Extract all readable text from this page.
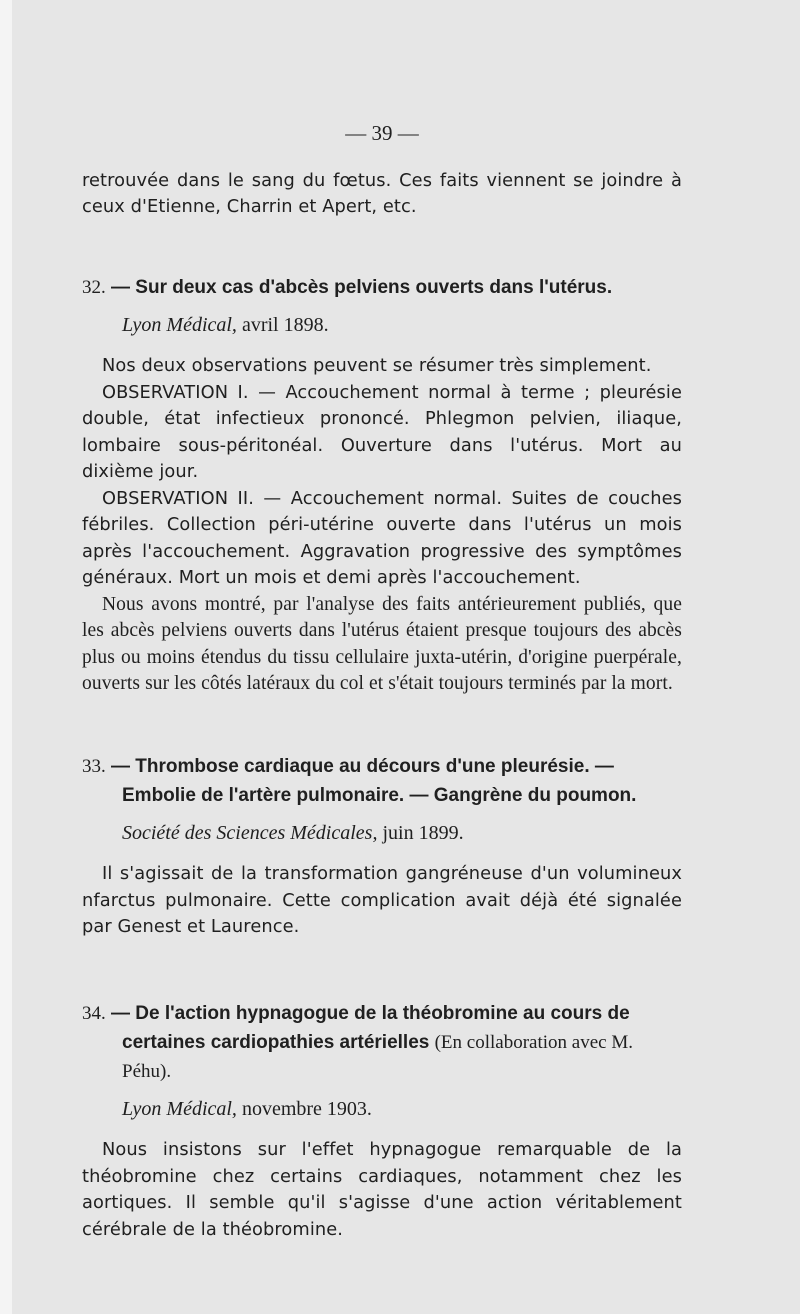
— 39 —

retrouvée dans le sang du fœtus. Ces faits viennent se joindre à ceux d'Etienne, Charrin et Apert, etc.

32. — Sur deux cas d'abcès pelviens ouverts dans l'utérus.
Lyon Médical, avril 1898.

Nos deux observations peuvent se résumer très simplement.

OBSERVATION I. — Accouchement normal à terme ; pleurésie double, état infectieux prononcé. Phlegmon pelvien, iliaque, lombaire sous-péritonéal. Ouverture dans l'utérus. Mort au dixième jour.

OBSERVATION II. — Accouchement normal. Suites de couches fébriles. Collection péri-utérine ouverte dans l'utérus un mois après l'accouchement. Aggravation progressive des symptômes généraux. Mort un mois et demi après l'accouchement.

Nous avons montré, par l'analyse des faits antérieurement publiés, que les abcès pelviens ouverts dans l'utérus étaient presque toujours des abcès plus ou moins étendus du tissu cellulaire juxta-utérin, d'origine puerpérale, ouverts sur les côtés latéraux du col et s'était toujours terminés par la mort.

33. — Thrombose cardiaque au décours d'une pleurésie. — Embolie de l'artère pulmonaire. — Gangrène du poumon.
Société des Sciences Médicales, juin 1899.

Il s'agissait de la transformation gangréneuse d'un volumineux nfarctus pulmonaire. Cette complication avait déjà été signalée par Genest et Laurence.

34. — De l'action hypnagogue de la théobromine au cours de certaines cardiopathies artérielles (En collaboration avec M. Péhu).
Lyon Médical, novembre 1903.

Nous insistons sur l'effet hypnagogue remarquable de la théobromine chez certains cardiaques, notamment chez les aortiques. Il semble qu'il s'agisse d'une action véritablement cérébrale de la théobromine.
